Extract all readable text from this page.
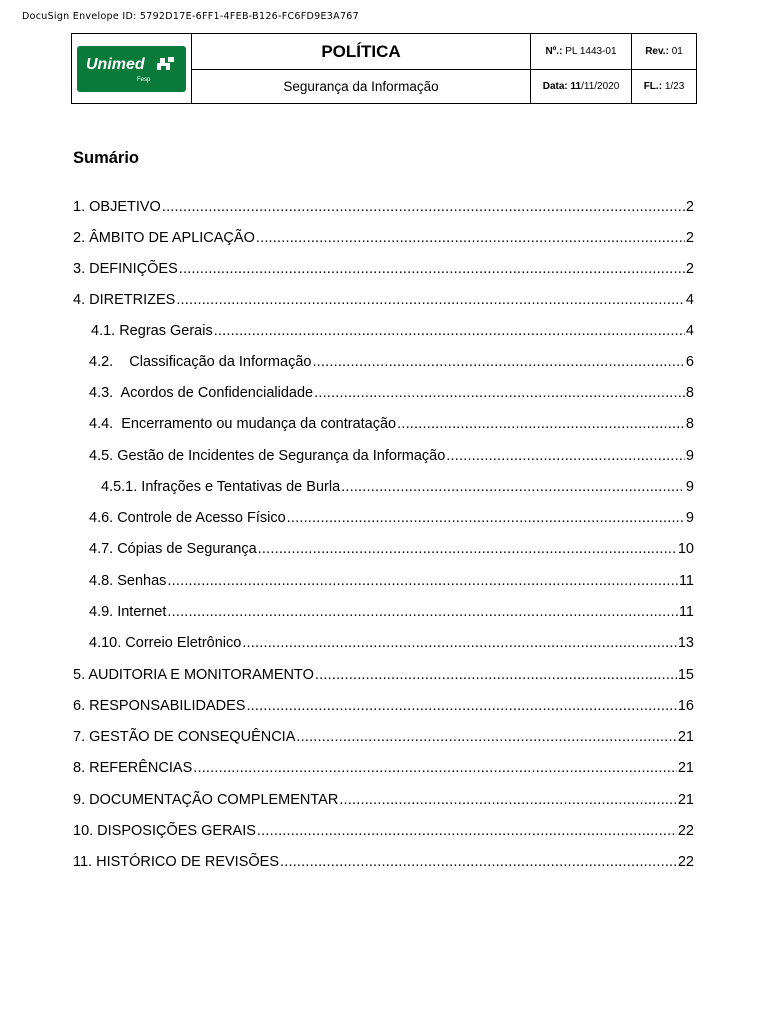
DocuSign Envelope ID: 5792D17E-6FF1-4FEB-B126-FC6FD9E3A767
Unimed
Fesp	POLÍTICA	Nº.: PL 1443-01	Rev.: 01
	Segurança da Informação	Data: 11/11/2020	FL.: 1/23
Sumário
1. OBJETIVO .....	2
2. ÂMBITO DE APLICAÇÃO .....	2
3. DEFINIÇÕES .....	2
4. DIRETRIZES .....	4
4.1. Regras Gerais .....	4
4.2.    Classificação da Informação .....	6
4.3.  Acordos de Confidencialidade .....	8
4.4.  Encerramento ou mudança da contratação .....	8
4.5. Gestão de Incidentes de Segurança da Informação .....	9
4.5.1. Infrações e Tentativas de Burla .....	9
4.6. Controle de Acesso Físico .....	9
4.7. Cópias de Segurança .....	10
4.8. Senhas .....	11
4.9. Internet .....	11
4.10. Correio Eletrônico .....	13
5. AUDITORIA E MONITORAMENTO .....	15
6. RESPONSABILIDADES .....	16
7. GESTÃO DE CONSEQUÊNCIA .....	21
8. REFERÊNCIAS .....	21
9. DOCUMENTAÇÃO COMPLEMENTAR .....	21
10. DISPOSIÇÕES GERAIS .....	22
11. HISTÓRICO DE REVISÕES .....	22
